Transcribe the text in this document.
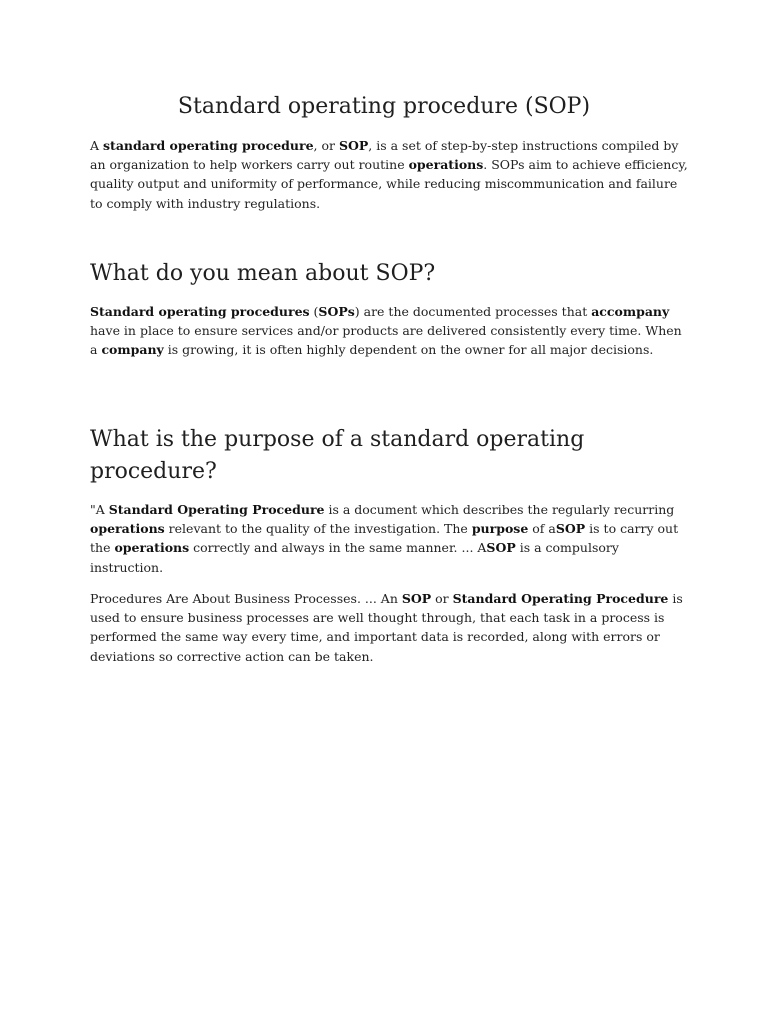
Standard operating procedure (SOP)

A standard operating procedure, or SOP, is a set of step-by-step instructions compiled by an organization to help workers carry out routine operations. SOPs aim to achieve efficiency, quality output and uniformity of performance, while reducing miscommunication and failure to comply with industry regulations.

What do you mean about SOP?

Standard operating procedures (SOPs) are the documented processes that accompany have in place to ensure services and/or products are delivered consistently every time. When a company is growing, it is often highly dependent on the owner for all major decisions.

What is the purpose of a standard operating procedure?

"A Standard Operating Procedure is a document which describes the regularly recurring operations relevant to the quality of the investigation. The purpose of aSOP is to carry out the operations correctly and always in the same manner. ... ASOP is a compulsory instruction.

Procedures Are About Business Processes. ... An SOP or Standard Operating Procedure is used to ensure business processes are well thought through, that each task in a process is performed the same way every time, and important data is recorded, along with errors or deviations so corrective action can be taken.
